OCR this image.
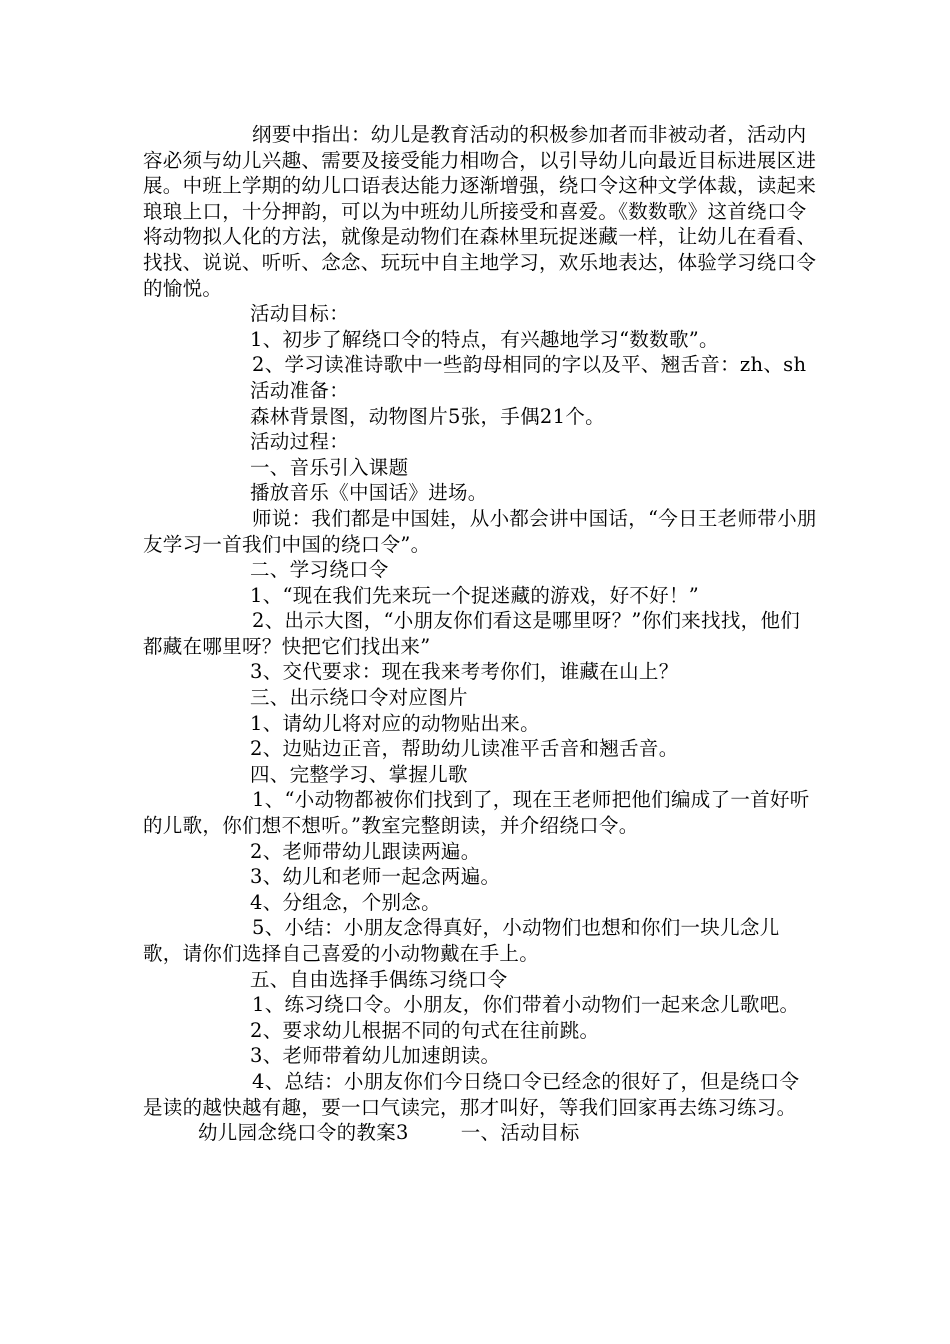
纲要中指出：幼儿是教育活动的积极参加者而非被动者，活动内容必须与幼儿兴趣、需要及接受能力相吻合，以引导幼儿向最近目标进展区进展。中班上学期的幼儿口语表达能力逐渐增强，绕口令这种文学体裁，读起来琅琅上口，十分押韵，可以为中班幼儿所接受和喜爱。《数数歌》这首绕口令将动物拟人化的方法，就像是动物们在森林里玩捉迷藏一样，让幼儿在看看、找找、说说、听听、念念、玩玩中自主地学习，欢乐地表达，体验学习绕口令的愉悦。

活动目标：

1、初步了解绕口令的特点，有兴趣地学习“数数歌”。

2、学习读准诗歌中一些韵母相同的字以及平、翘舌音：zh、sh

活动准备：

森林背景图，动物图片5张，手偶21个。

活动过程：

一、音乐引入课题

播放音乐《中国话》进场。

师说：我们都是中国娃，从小都会讲中国话，“今日王老师带小朋友学习一首我们中国的绕口令”。

二、学习绕口令

1、“现在我们先来玩一个捉迷藏的游戏，好不好！”

2、出示大图，“小朋友你们看这是哪里呀？”你们来找找，他们都藏在哪里呀？快把它们找出来”

3、交代要求：现在我来考考你们，谁藏在山上？

三、出示绕口令对应图片

1、请幼儿将对应的动物贴出来。

2、边贴边正音，帮助幼儿读准平舌音和翘舌音。

四、完整学习、掌握儿歌

1、“小动物都被你们找到了，现在王老师把他们编成了一首好听的儿歌，你们想不想听。”教室完整朗读，并介绍绕口令。

2、老师带幼儿跟读两遍。

3、幼儿和老师一起念两遍。

4、分组念，个别念。

5、小结：小朋友念得真好，小动物们也想和你们一块儿念儿歌，请你们选择自己喜爱的小动物戴在手上。

五、自由选择手偶练习绕口令

1、练习绕口令。小朋友，你们带着小动物们一起来念儿歌吧。

2、要求幼儿根据不同的句式在往前跳。

3、老师带着幼儿加速朗读。

4、总结：小朋友你们今日绕口令已经念的很好了，但是绕口令是读的越快越有趣，要一口气读完，那才叫好，等我们回家再去练习练习。

幼儿园念绕口令的教案3	一、活动目标
